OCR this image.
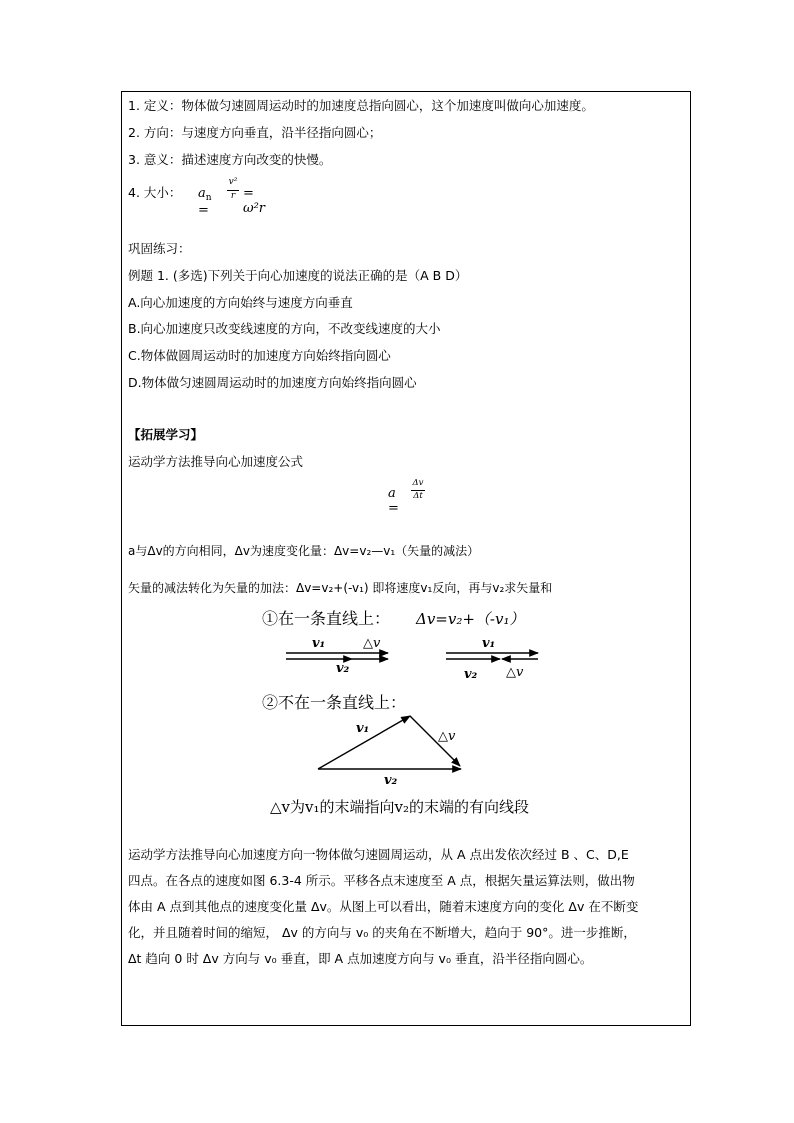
1. 定义：物体做匀速圆周运动时的加速度总指向圆心，这个加速度叫做向心加速度。
2. 方向：与速度方向垂直，沿半径指向圆心；
3. 意义：描述速度方向改变的快慢。
4. 大小： $a_n$ =
v²
r = ω²r
巩固练习：
例题 1. (多选)下列关于向心加速度的说法正确的是（A B D）
A.向心加速度的方向始终与速度方向垂直
B.向心加速度只改变线速度的方向，不改变线速度的大小
C.物体做圆周运动时的加速度方向始终指向圆心
D.物体做匀速圆周运动时的加速度方向始终指向圆心
【拓展学习】
运动学方法推导向心加速度公式
a =
Δv
Δt
a与Δv的方向相同，Δv为速度变化量：Δv=v₂—v₁（矢量的减法）
矢量的减法转化为矢量的加法：Δv=v₂+(-v₁) 即将速度v₁反向，再与v₂求矢量和
①在一条直线上： Δv=v₂+（-v₁）
v₁	△v
v₂
v₁
v₂ △v
②不在一条直线上：
v₁
v₂
△v
△v为v₁的末端指向v₂的末端的有向线段
运动学方法推导向心加速度方向一物体做匀速圆周运动，从 A 点出发依次经过 B 、C、D,E
四点。在各点的速度如图 6.3-4 所示。平移各点末速度至 A 点，根据矢量运算法则，做出物
体由 A 点到其他点的速度变化量 Δv。从图上可以看出，随着末速度方向的变化 Δv 在不断变
化，并且随着时间的缩短， Δv 的方向与 v₀ 的夹角在不断增大，趋向于 90°。进一步推断，
Δt 趋向 0 时 Δv 方向与 v₀ 垂直，即 A 点加速度方向与 v₀ 垂直，沿半径指向圆心。
